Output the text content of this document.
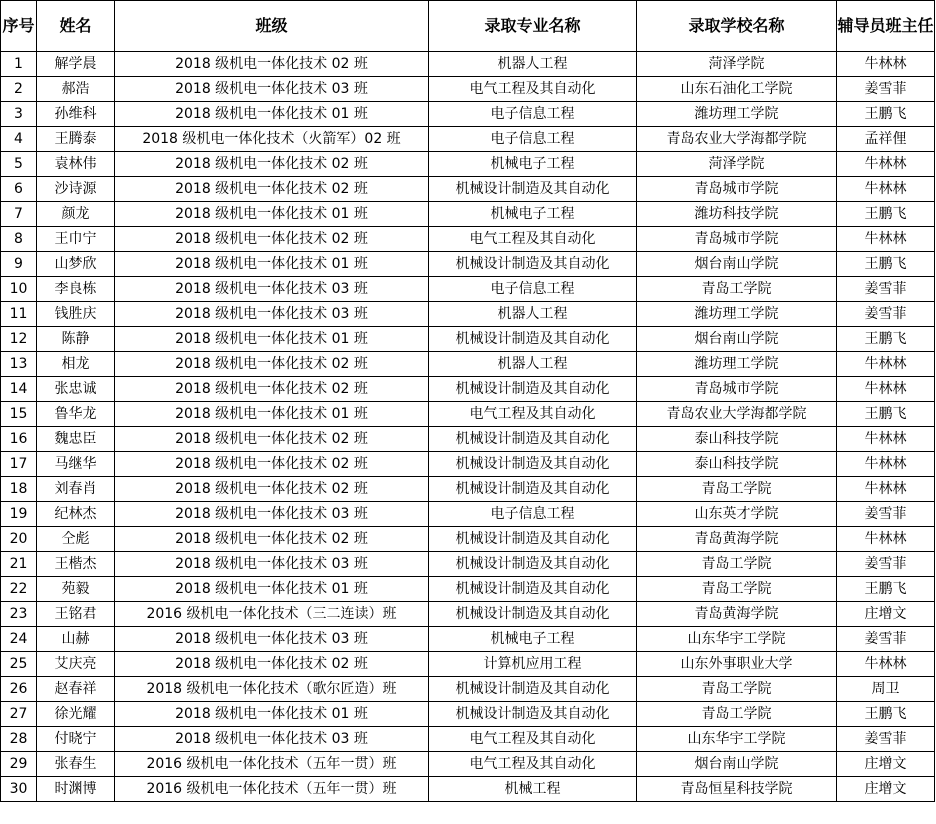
序号	姓名	班级	录取专业名称	录取学校名称	辅导员班主任
1	解学晨	2018 级机电一体化技术 02 班	机器人工程	菏泽学院	牛林林
2	郝浩	2018 级机电一体化技术 03 班	电气工程及其自动化	山东石油化工学院	姜雪菲
3	孙维科	2018 级机电一体化技术 01 班	电子信息工程	潍坊理工学院	王鹏飞
4	王腾泰	2018 级机电一体化技术（火箭军）02 班	电子信息工程	青岛农业大学海都学院	孟祥俚
5	袁林伟	2018 级机电一体化技术 02 班	机械电子工程	菏泽学院	牛林林
6	沙诗源	2018 级机电一体化技术 02 班	机械设计制造及其自动化	青岛城市学院	牛林林
7	颜龙	2018 级机电一体化技术 01 班	机械电子工程	潍坊科技学院	王鹏飞
8	王巾宁	2018 级机电一体化技术 02 班	电气工程及其自动化	青岛城市学院	牛林林
9	山梦欣	2018 级机电一体化技术 01 班	机械设计制造及其自动化	烟台南山学院	王鹏飞
10	李良栋	2018 级机电一体化技术 03 班	电子信息工程	青岛工学院	姜雪菲
11	钱胜庆	2018 级机电一体化技术 03 班	机器人工程	潍坊理工学院	姜雪菲
12	陈静	2018 级机电一体化技术 01 班	机械设计制造及其自动化	烟台南山学院	王鹏飞
13	相龙	2018 级机电一体化技术 02 班	机器人工程	潍坊理工学院	牛林林
14	张忠诚	2018 级机电一体化技术 02 班	机械设计制造及其自动化	青岛城市学院	牛林林
15	鲁华龙	2018 级机电一体化技术 01 班	电气工程及其自动化	青岛农业大学海都学院	王鹏飞
16	魏忠臣	2018 级机电一体化技术 02 班	机械设计制造及其自动化	泰山科技学院	牛林林
17	马继华	2018 级机电一体化技术 02 班	机械设计制造及其自动化	泰山科技学院	牛林林
18	刘春肖	2018 级机电一体化技术 02 班	机械设计制造及其自动化	青岛工学院	牛林林
19	纪林杰	2018 级机电一体化技术 03 班	电子信息工程	山东英才学院	姜雪菲
20	仝彪	2018 级机电一体化技术 02 班	机械设计制造及其自动化	青岛黄海学院	牛林林
21	王楷杰	2018 级机电一体化技术 03 班	机械设计制造及其自动化	青岛工学院	姜雪菲
22	苑毅	2018 级机电一体化技术 01 班	机械设计制造及其自动化	青岛工学院	王鹏飞
23	王铭君	2016 级机电一体化技术（三二连读）班	机械设计制造及其自动化	青岛黄海学院	庄增文
24	山赫	2018 级机电一体化技术 03 班	机械电子工程	山东华宇工学院	姜雪菲
25	艾庆亮	2018 级机电一体化技术 02 班	计算机应用工程	山东外事职业大学	牛林林
26	赵春祥	2018 级机电一体化技术（歌尔匠造）班	机械设计制造及其自动化	青岛工学院	周卫
27	徐光耀	2018 级机电一体化技术 01 班	机械设计制造及其自动化	青岛工学院	王鹏飞
28	付晓宁	2018 级机电一体化技术 03 班	电气工程及其自动化	山东华宇工学院	姜雪菲
29	张春生	2016 级机电一体化技术（五年一贯）班	电气工程及其自动化	烟台南山学院	庄增文
30	时渊博	2016 级机电一体化技术（五年一贯）班	机械工程	青岛恒星科技学院	庄增文
